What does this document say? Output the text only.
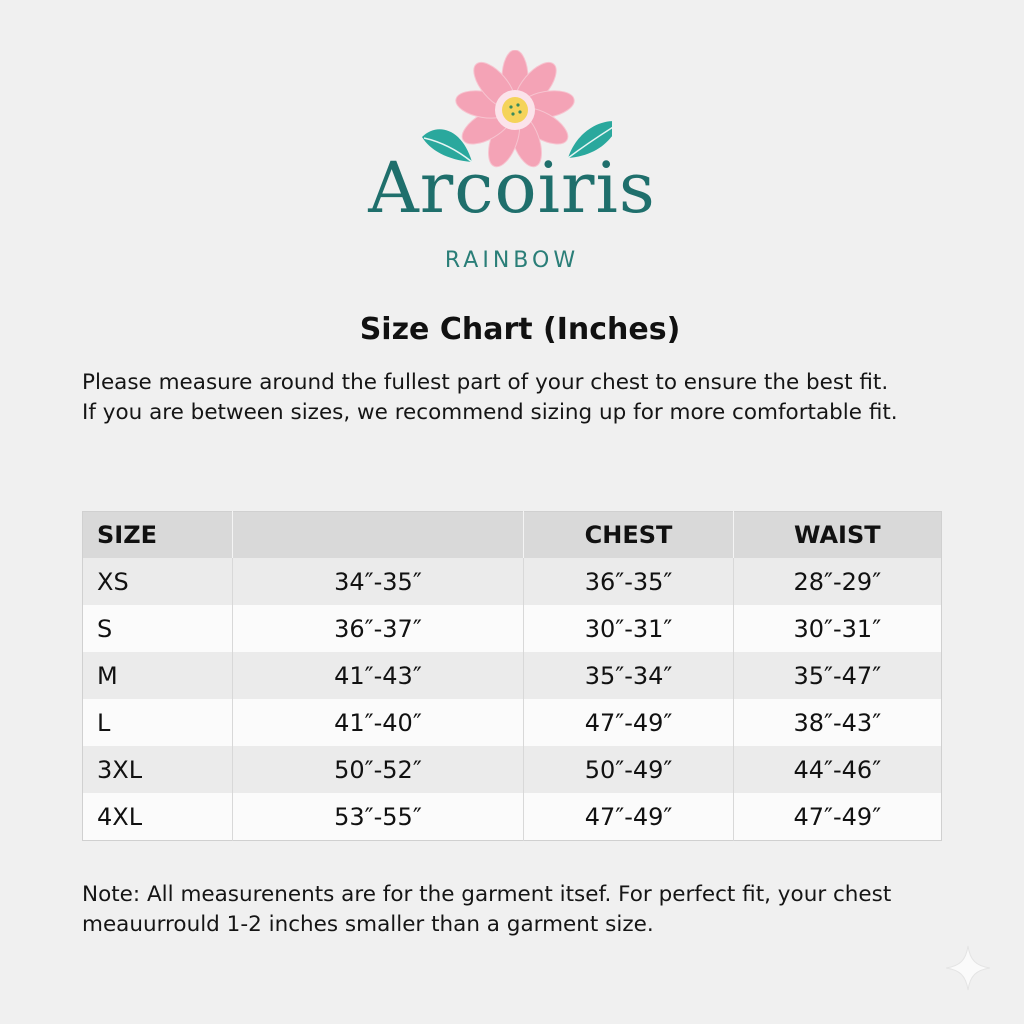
Arcoiris
RAINBOW
Size Chart (Inches)
Please measure around the fullest part of your chest to ensure the best fit.
If you are between sizes, we recommend sizing up for more comfortable fit.
SIZE		CHEST	WAIST
XS	34″-35″	36″-35″	28″-29″
S	36″-37″	30″-31″	30″-31″
M	41″-43″	35″-34″	35″-47″
L	41″-40″	47″-49″	38″-43″
3XL	50″-52″	50″-49″	44″-46″
4XL	53″-55″	47″-49″	47″-49″
Note: All measurenents are for the garment itsef. For perfect fit, your chest
meauurrould 1-2 inches smaller than a garment size.
